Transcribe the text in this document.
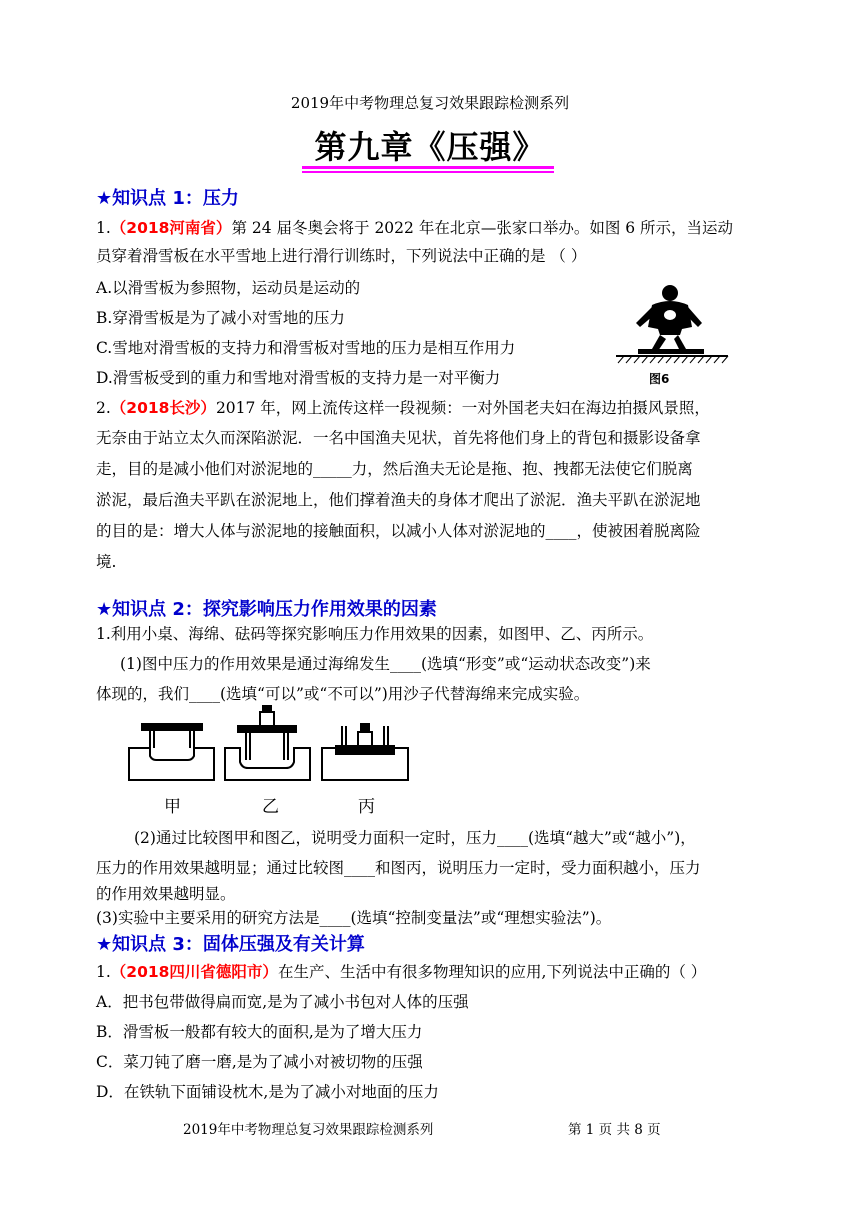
2019年中考物理总复习效果跟踪检测系列
第九章《压强》
★知识点 1：压力
1.（2018河南省）第 24 届冬奥会将于 2022 年在北京—张家口举办。如图 6 所示，当运动
员穿着滑雪板在水平雪地上进行滑行训练时，下列说法中正确的是 （ ）
A.以滑雪板为参照物，运动员是运动的
B.穿滑雪板是为了减小对雪地的压力
C.雪地对滑雪板的支持力和滑雪板对雪地的压力是相互作用力
D.滑雪板受到的重力和雪地对滑雪板的支持力是一对平衡力	图6
2.（2018长沙）2017 年，网上流传这样一段视频：一对外国老夫妇在海边拍摄风景照，
无奈由于站立太久而深陷淤泥．一名中国渔夫见状，首先将他们身上的背包和摄影设备拿
走，目的是减小他们对淤泥地的_____力，然后渔夫无论是拖、抱、拽都无法使它们脱离
淤泥，最后渔夫平趴在淤泥地上，他们撑着渔夫的身体才爬出了淤泥．渔夫平趴在淤泥地
的目的是：增大人体与淤泥地的接触面积，以减小人体对淤泥地的____，使被困着脱离险
境.
★知识点 2：探究影响压力作用效果的因素
1.利用小桌、海绵、砝码等探究影响压力作用效果的因素，如图甲、乙、丙所示。
(1)图中压力的作用效果是通过海绵发生____(选填“形变”或“运动状态改变”)来
体现的，我们____(选填“可以”或“不可以”)用沙子代替海绵来完成实验。
甲	乙	丙
(2)通过比较图甲和图乙，说明受力面积一定时，压力____(选填“越大”或“越小”)，
压力的作用效果越明显；通过比较图____和图丙，说明压力一定时，受力面积越小，压力
的作用效果越明显。
(3)实验中主要采用的研究方法是____(选填“控制变量法”或“理想实验法”)。
★知识点 3：固体压强及有关计算
1.（2018四川省德阳市）在生产、生活中有很多物理知识的应用,下列说法中正确的（ ）
A．把书包带做得扁而宽,是为了减小书包对人体的压强
B．滑雪板一般都有较大的面积,是为了增大压力
C．菜刀钝了磨一磨,是为了减小对被切物的压强
D．在铁轨下面铺设枕木,是为了减小对地面的压力
2019年中考物理总复习效果跟踪检测系列	第 1 页 共 8 页
